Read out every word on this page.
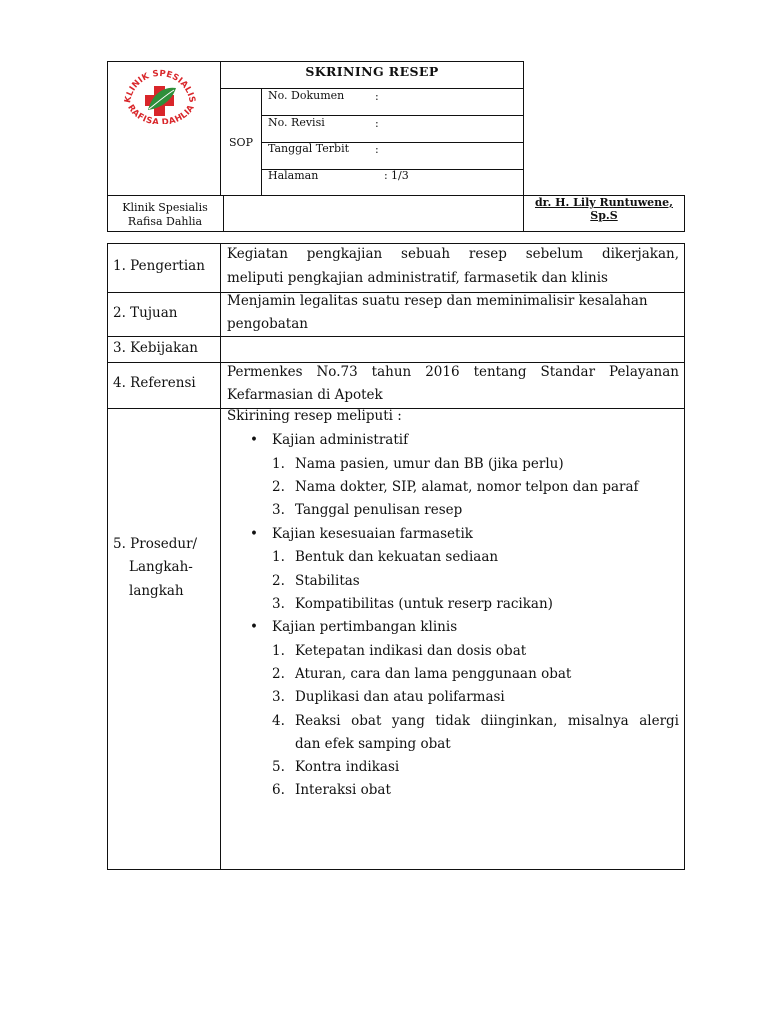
KLINIK SPESIALIS
RAFISA DAHLIA
SKRINING RESEP
SOP
No. Dokumen	:
No. Revisi	:
Tanggal Terbit :
Halaman	: 1/3
Klinik Spesialis
Rafisa Dahlia
dr. H. Lily Runtuwene,
Sp.S
1. Pengertian
Kegiatan pengkajian sebuah resep sebelum dikerjakan,
meliputi pengkajian administratif, farmasetik dan klinis
2. Tujuan
Menjamin legalitas suatu resep dan meminimalisir kesalahan
pengobatan
3. Kebijakan
4. Referensi
Permenkes No.73 tahun 2016 tentang Standar Pelayanan
Kefarmasian di Apotek
5. Prosedur/
Langkah-
langkah
Skirining resep meliputi :
• Kajian administratif
1. Nama pasien, umur dan BB (jika perlu)
2. Nama dokter, SIP, alamat, nomor telpon dan paraf
3. Tanggal penulisan resep
• Kajian kesesuaian farmasetik
1. Bentuk dan kekuatan sediaan
2. Stabilitas
3. Kompatibilitas (untuk reserp racikan)
• Kajian pertimbangan klinis
1. Ketepatan indikasi dan dosis obat
2. Aturan, cara dan lama penggunaan obat
3. Duplikasi dan atau polifarmasi
4. Reaksi obat yang tidak diinginkan, misalnya alergi
dan efek samping obat
5. Kontra indikasi
6. Interaksi obat
